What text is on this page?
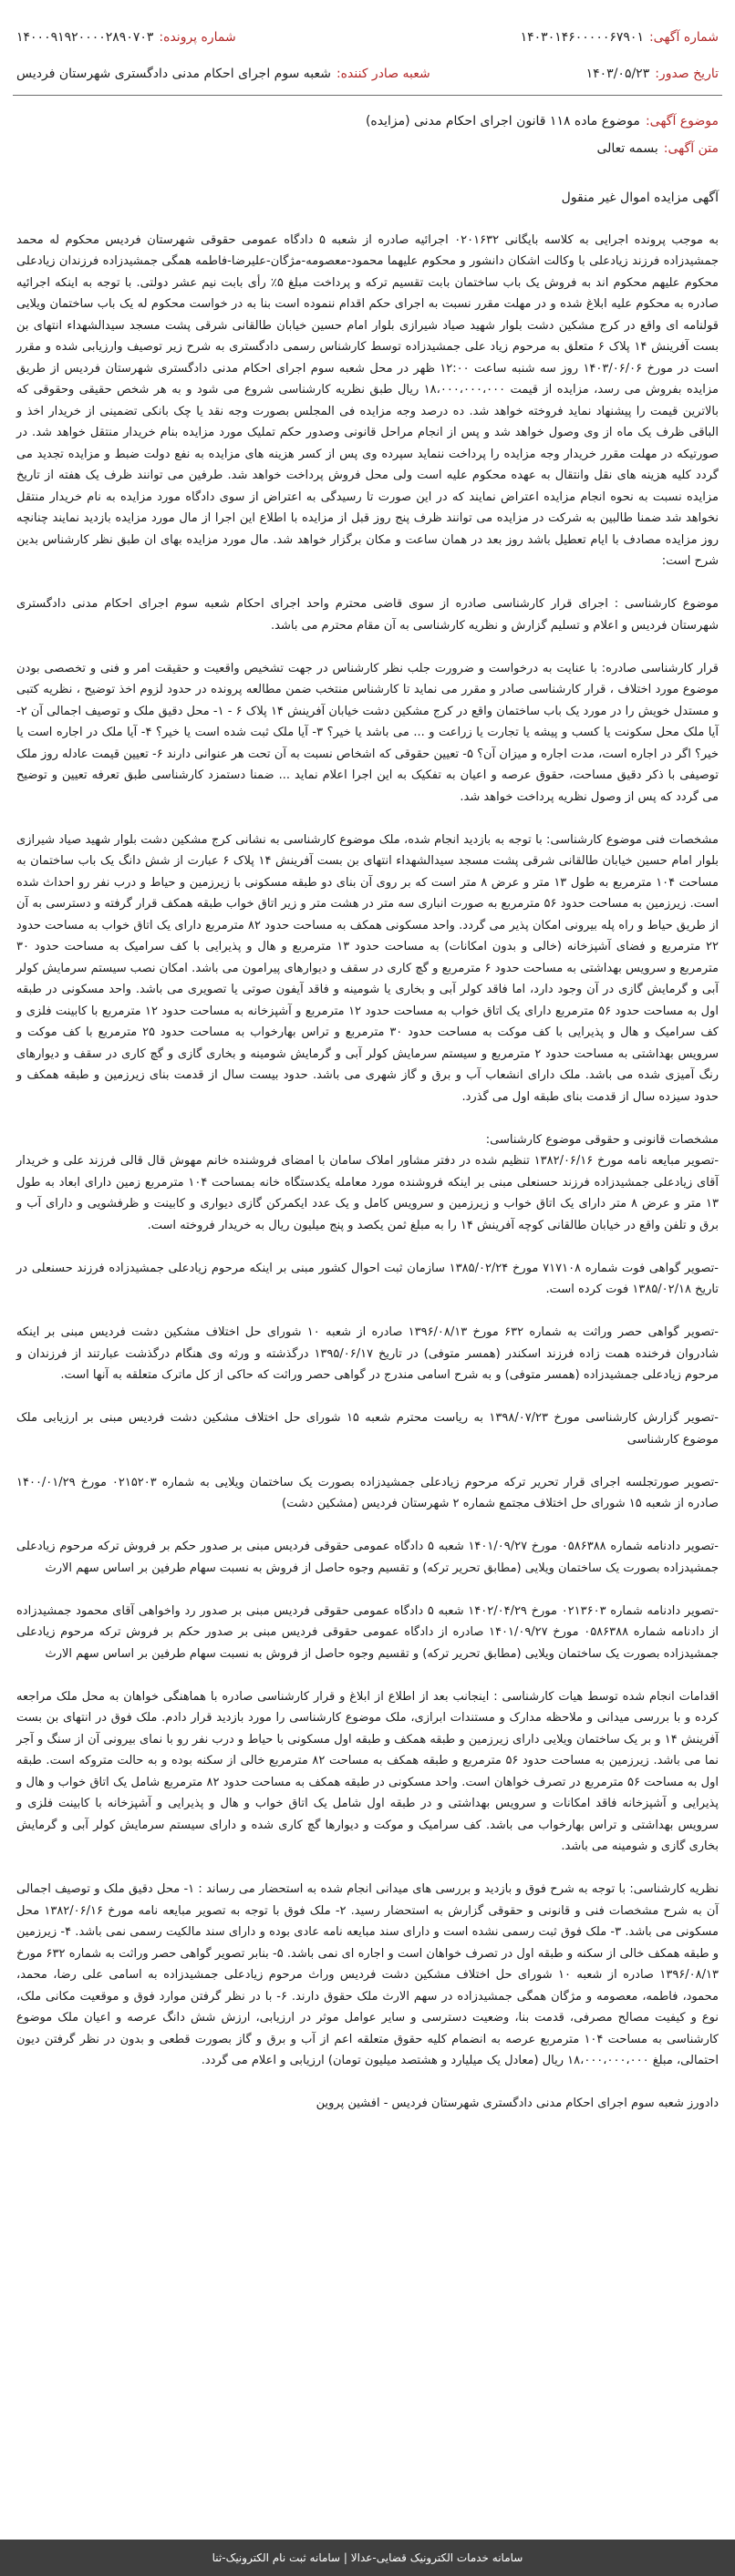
شماره آگهی:۱۴۰۳۰۱۴۶۰۰۰۰۰۶۷۹۰۱
شماره پرونده:۱۴۰۰۰۹۱۹۲۰۰۰۰۲۸۹۰۷۰۳
تاریخ صدور:۱۴۰۳/۰۵/۲۳
شعبه صادر کننده:شعبه سوم اجرای احکام مدنی دادگستری شهرستان فردیس
موضوع آگهی:موضوع ماده ۱۱۸ قانون اجرای احکام مدنی (مزایده)
متن آگهی:بسمه تعالی
آگهی مزایده اموال غیر منقول

به موجب پرونده اجرایی به کلاسه بایگانی ۰۲۰۱۶۳۲ اجرائیه صادره از شعبه ۵ دادگاه عمومی حقوقی شهرستان فردیس محکوم له محمد جمشیدزاده فرزند زیادعلی با وکالت اشکان دانشور و محکوم علیهما محمود-معصومه-مژگان-علیرضا-فاطمه همگی جمشیدزاده فرزندان زیادعلی محکوم علیهم محکوم اند به فروش یک باب ساختمان بابت تقسیم ترکه و پرداخت مبلغ ۵٪ رأی بابت نیم عشر دولتی. با توجه به اینکه اجرائیه صادره به محکوم علیه ابلاغ شده و در مهلت مقرر نسبت به اجرای حکم اقدام ننموده است بنا به در خواست محکوم له یک باب ساختمان ویلایی قولنامه ای واقع در کرج مشکین دشت بلوار شهید صیاد شیرازی بلوار امام حسین خیابان طالقانی شرقی پشت مسجد سیدالشهداء انتهای بن بست آفرینش ۱۴ پلاک ۶ متعلق به مرحوم زیاد علی جمشیدزاده توسط کارشناس رسمی دادگستری به شرح زیر توصیف وارزیابی شده و مقرر است در مورخ ۱۴۰۳/۰۶/۰۶ روز سه شنبه ساعت ۱۲:۰۰ ظهر در محل شعبه سوم اجرای احکام مدنی دادگستری شهرستان فردیس از طریق مزایده بفروش می رسد، مزایده از قیمت ۱۸،۰۰۰،۰۰۰،۰۰۰ ریال طبق نظریه کارشناسی شروع می شود و به هر شخص حقیقی وحقوقی که بالاترین قیمت را پیشنهاد نماید فروخته خواهد شد. ده درصد وجه مزایده فی المجلس بصورت وجه نقد یا چک بانکی تضمینی از خریدار اخذ و الباقی ظرف یک ماه از وی وصول خواهد شد و پس از انجام مراحل قانونی وصدور حکم تملیک مورد مزایده بنام خریدار منتقل خواهد شد. در صورتیکه در مهلت مقرر خریدار وجه مزایده را پرداخت ننماید سپرده وی پس از کسر هزینه های مزایده به نفع دولت ضبط و مزایده تجدید می گردد کلیه هزینه های نقل وانتقال به عهده محکوم علیه است ولی محل فروش پرداخت خواهد شد. طرفین می توانند ظرف یک هفته از تاریخ مزایده نسبت به نحوه انجام مزایده اعتراض نمایند که در این صورت تا رسیدگی به اعتراض از سوی دادگاه مورد مزایده به نام خریدار منتقل نخواهد شد ضمنا طالبین به شرکت در مزایده می توانند ظرف پنج روز قبل از مزایده با اطلاع این اجرا از مال مورد مزایده بازدید نمایند چنانچه روز مزایده مصادف با ایام تعطیل باشد روز بعد در همان ساعت و مکان برگزار خواهد شد. مال مورد مزایده بهای ان طبق نظر کارشناس بدین شرح است:

موضوع کارشناسی : اجرای قرار کارشناسی صادره از سوی قاضی محترم واحد اجرای احکام شعبه سوم اجرای احکام مدنی دادگستری شهرستان فردیس و اعلام و تسلیم گزارش و نظریه کارشناسی به آن مقام محترم می باشد.

قرار کارشناسی صادره: با عنایت به درخواست و ضرورت جلب نظر کارشناس در جهت تشخیص واقعیت و حقیقت امر و فنی و تخصصی بودن موضوع مورد اختلاف ، قرار کارشناسی صادر و مقرر می نماید تا کارشناس منتخب ضمن مطالعه پرونده در حدود لزوم اخذ توضیح ، نظریه کتبی و مستدل خویش را در مورد یک باب ساختمان واقع در کرج مشکین دشت خیابان آفرینش ۱۴ پلاک ۶ - ۱- محل دقیق ملک و توصیف اجمالی آن ۲- آیا ملک محل سکونت یا کسب و پیشه یا تجارت یا زراعت و ... می باشد یا خیر؟ ۳- آیا ملک ثبت شده است یا خیر؟ ۴- آیا ملک در اجاره است یا خیر؟ اگر در اجاره است، مدت اجاره و میزان آن؟ ۵- تعیین حقوقی که اشخاص نسبت به آن تحت هر عنوانی دارند ۶- تعیین قیمت عادله روز ملک توصیفی با ذکر دقیق مساحت، حقوق عرصه و اعیان به تفکیک به این اجرا اعلام نماید ... ضمنا دستمزد کارشناسی طبق تعرفه تعیین و توضیح می گردد که پس از وصول نظریه پرداخت خواهد شد.

مشخصات فنی موضوع کارشناسی: با توجه به بازدید انجام شده، ملک موضوع کارشناسی به نشانی کرج مشکین دشت بلوار شهید صیاد شیرازی بلوار امام حسین خیابان طالقانی شرقی پشت مسجد سیدالشهداء انتهای بن بست آفرینش ۱۴ پلاک ۶ عبارت از شش دانگ یک باب ساختمان به مساحت ۱۰۴ مترمربع به طول ۱۳ متر و عرض ۸ متر است که بر روی آن بنای دو طبقه مسکونی با زیرزمین و حیاط و درب نفر رو احداث شده است. زیرزمین به مساحت حدود ۵۶ مترمربع به صورت انباری سه متر در هشت متر و زیر اتاق خواب طبقه همکف قرار گرفته و دسترسی به آن از طریق حیاط و راه پله بیرونی امکان پذیر می گردد. واحد مسکونی همکف به مساحت حدود ۸۲ مترمربع دارای یک اتاق خواب به مساحت حدود ۲۲ مترمربع و فضای آشپزخانه (خالی و بدون امکانات) به مساحت حدود ۱۳ مترمربع و هال و پذیرایی با کف سرامیک به مساحت حدود ۳۰ مترمربع و سرویس بهداشتی به مساحت حدود ۶ مترمربع و گچ کاری در سقف و دیوارهای پیرامون می باشد. امکان نصب سیستم سرمایش کولر آبی و گرمایش گازی در آن وجود دارد، اما فاقد کولر آبی و بخاری یا شومینه و فاقد آیفون صوتی یا تصویری می باشد. واحد مسکونی در طبقه اول به مساحت حدود ۵۶ مترمربع دارای یک اتاق خواب به مساحت حدود ۱۲ مترمربع و آشپزخانه به مساحت حدود ۱۲ مترمربع با کابینت فلزی و کف سرامیک و هال و پذیرایی با کف موکت به مساحت حدود ۳۰ مترمربع و تراس بهارخواب به مساحت حدود ۲۵ مترمربع با کف موکت و سرویس بهداشتی به مساحت حدود ۲ مترمربع و سیستم سرمایش کولر آبی و گرمایش شومینه و بخاری گازی و گچ کاری در سقف و دیوارهای رنگ آمیزی شده می باشد. ملک دارای انشعاب آب و برق و گاز شهری می باشد. حدود بیست سال از قدمت بنای زیرزمین و طبقه همکف و حدود سیزده سال از قدمت بنای طبقه اول می گذرد.

مشخصات قانونی و حقوقی موضوع کارشناسی:

-تصویر مبایعه نامه مورخ ۱۳۸۲/۰۶/۱۶ تنظیم شده در دفتر مشاور املاک سامان با امضای فروشنده خانم مهوش قال قالی فرزند علی و خریدار آقای زیادعلی جمشیدزاده فرزند حسنعلی مبنی بر اینکه فروشنده مورد معامله یکدستگاه خانه بمساحت ۱۰۴ مترمربع زمین دارای ابعاد به طول ۱۳ متر و عرض ۸ متر دارای یک اتاق خواب و زیرزمین و سرویس کامل و یک عدد ایکمرکن گازی دیواری و کابینت و ظرفشویی و دارای آب و برق و تلفن واقع در خیابان طالقانی کوچه آفرینش ۱۴ را به مبلغ ثمن یکصد و پنج میلیون ریال به خریدار فروخته است.

-تصویر گواهی فوت شماره ۷۱۷۱۰۸ مورخ ۱۳۸۵/۰۲/۲۴ سازمان ثبت احوال کشور مبنی بر اینکه مرحوم زیادعلی جمشیدزاده فرزند حسنعلی در تاریخ ۱۳۸۵/۰۲/۱۸ فوت کرده است.

-تصویر گواهی حصر وراثت به شماره ۶۳۲ مورخ ۱۳۹۶/۰۸/۱۳ صادره از شعبه ۱۰ شورای حل اختلاف مشکین دشت فردیس مبنی بر اینکه شادروان فرخنده همت زاده فرزند اسکندر (همسر متوفی) در تاریخ ۱۳۹۵/۰۶/۱۷ درگذشته و ورثه وی هنگام درگذشت عبارتند از فرزندان و مرحوم زیادعلی جمشیدزاده (همسر متوفی) و به شرح اسامی مندرج در گواهی حصر وراثت که حاکی از کل ماترک متعلقه به آنها است.

-تصویر گزارش کارشناسی مورخ ۱۳۹۸/۰۷/۲۳ به ریاست محترم شعبه ۱۵ شورای حل اختلاف مشکین دشت فردیس مبنی بر ارزیابی ملک موضوع کارشناسی

-تصویر صورتجلسه اجرای قرار تحریر ترکه مرحوم زیادعلی جمشیدزاده بصورت یک ساختمان ویلایی به شماره ۰۲۱۵۲۰۳ مورخ ۱۴۰۰/۰۱/۲۹ صادره از شعبه ۱۵ شورای حل اختلاف مجتمع شماره ۲ شهرستان فردیس (مشکین دشت)

-تصویر دادنامه شماره ۰۵۸۶۳۸۸ مورخ ۱۴۰۱/۰۹/۲۷ شعبه ۵ دادگاه عمومی حقوقی فردیس مبنی بر صدور حکم بر فروش ترکه مرحوم زیادعلی جمشیدزاده بصورت یک ساختمان ویلایی (مطابق تحریر ترکه) و تقسیم وجوه حاصل از فروش به نسبت سهام طرفین بر اساس سهم الارث

-تصویر دادنامه شماره ۰۲۱۳۶۰۳ مورخ ۱۴۰۲/۰۴/۲۹ شعبه ۵ دادگاه عمومی حقوقی فردیس مبنی بر صدور رد واخواهی آقای محمود جمشیدزاده از دادنامه شماره ۰۵۸۶۳۸۸ مورخ ۱۴۰۱/۰۹/۲۷ صادره از دادگاه عمومی حقوقی فردیس مبنی بر صدور حکم بر فروش ترکه مرحوم زیادعلی جمشیدزاده بصورت یک ساختمان ویلایی (مطابق تحریر ترکه) و تقسیم وجوه حاصل از فروش به نسبت سهام طرفین بر اساس سهم الارث

اقدامات انجام شده توسط هیات کارشناسی : اینجانب بعد از اطلاع از ابلاغ و قرار کارشناسی صادره با هماهنگی خواهان به محل ملک مراجعه کرده و با بررسی میدانی و ملاحظه مدارک و مستندات ابرازی، ملک موضوع کارشناسی را مورد بازدید قرار دادم. ملک فوق در انتهای بن بست آفرینش ۱۴ و بر یک ساختمان ویلایی دارای زیرزمین و طبقه همکف و طبقه اول مسکونی با حیاط و درب نفر رو با نمای بیرونی آن از سنگ و آجر نما می باشد. زیرزمین به مساحت حدود ۵۶ مترمربع و طبقه همکف به مساحت ۸۲ مترمربع خالی از سکنه بوده و به حالت متروکه است. طبقه اول به مساحت ۵۶ مترمربع در تصرف خواهان است. واحد مسکونی در طبقه همکف به مساحت حدود ۸۲ مترمربع شامل یک اتاق خواب و هال و پذیرایی و آشپزخانه فاقد امکانات و سرویس بهداشتی و در طبقه اول شامل یک اتاق خواب و هال و پذیرایی و آشپزخانه با کابینت فلزی و سرویس بهداشتی و تراس بهارخواب می باشد. کف سرامیک و موکت و دیوارها گچ کاری شده و دارای سیستم سرمایش کولر آبی و گرمایش بخاری گازی و شومینه می باشد.

نظریه کارشناسی: با توجه به شرح فوق و بازدید و بررسی های میدانی انجام شده به استحضار می رساند : ۱- محل دقیق ملک و توصیف اجمالی آن به شرح مشخصات فنی و قانونی و حقوقی گزارش به استحضار رسید. ۲- ملک فوق با توجه به تصویر مبایعه نامه مورخ ۱۳۸۲/۰۶/۱۶ محل مسکونی می باشد. ۳- ملک فوق ثبت رسمی نشده است و دارای سند مبایعه نامه عادی بوده و دارای سند مالکیت رسمی نمی باشد. ۴- زیرزمین و طبقه همکف خالی از سکنه و طبقه اول در تصرف خواهان است و اجاره ای نمی باشد. ۵- بنابر تصویر گواهی حصر وراثت به شماره ۶۳۲ مورخ ۱۳۹۶/۰۸/۱۳ صادره از شعبه ۱۰ شورای حل اختلاف مشکین دشت فردیس وراث مرحوم زیادعلی جمشیدزاده به اسامی علی رضا، محمد، محمود، فاطمه، معصومه و مژگان همگی جمشیدزاده در سهم الارث ملک حقوق دارند. ۶- با در نظر گرفتن موارد فوق و موقعیت مکانی ملک، نوع و کیفیت مصالح مصرفی، قدمت بنا، وضعیت دسترسی و سایر عوامل موثر در ارزیابی، ارزش شش دانگ عرصه و اعیان ملک موضوع کارشناسی به مساحت ۱۰۴ مترمربع عرصه به انضمام کلیه حقوق متعلقه اعم از آب و برق و گاز بصورت قطعی و بدون در نظر گرفتن دیون احتمالی، مبلغ ۱۸،۰۰۰،۰۰۰،۰۰۰ ریال (معادل یک میلیارد و هشتصد میلیون تومان) ارزیابی و اعلام می گردد.

دادورز شعبه سوم اجرای احکام مدنی دادگستری شهرستان فردیس - افشین پروین

سامانه خدمات الکترونیک قضایی-عدالا | سامانه ثبت نام الکترونیک-ثنا
